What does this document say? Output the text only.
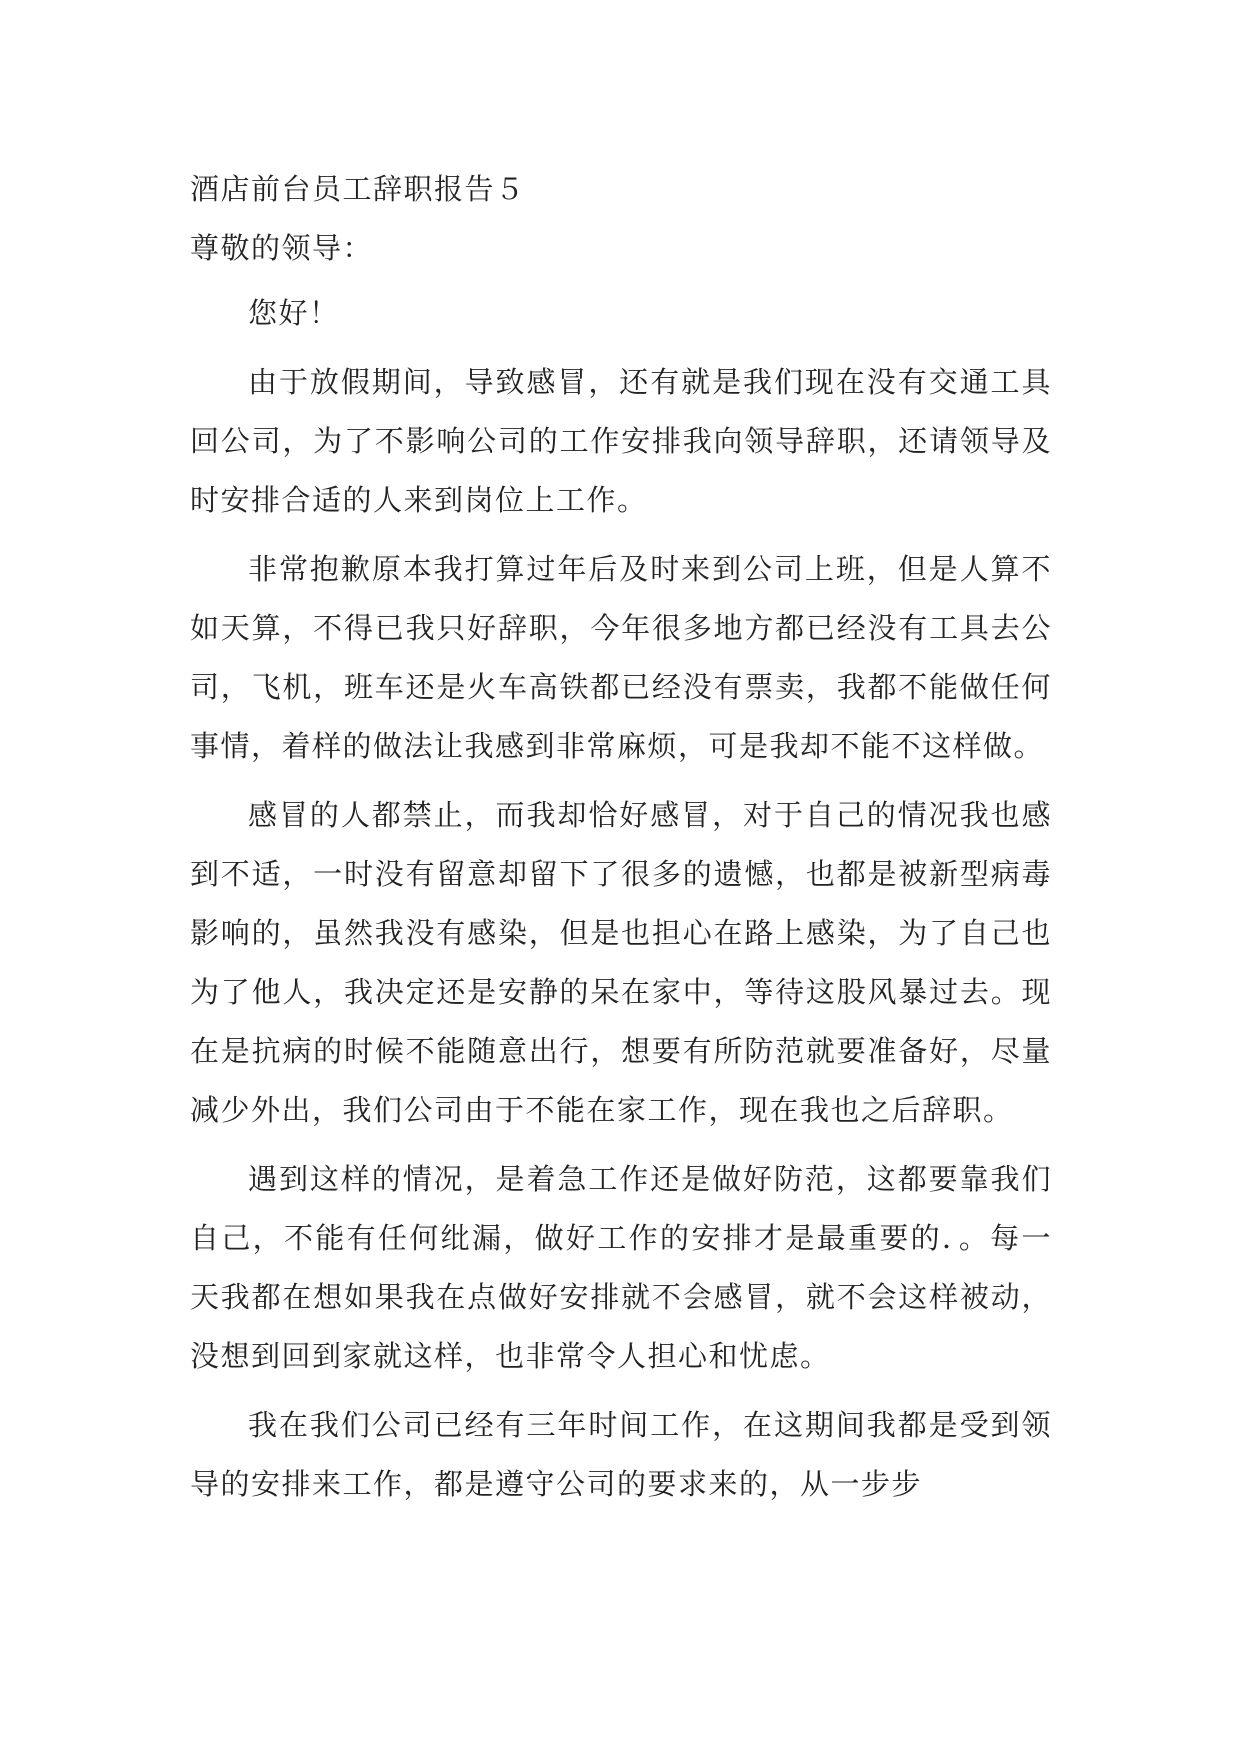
酒店前台员工辞职报告５

尊敬的领导：

您好！

由于放假期间，导致感冒，还有就是我们现在没有交通工具回公司，为了不影响公司的工作安排我向领导辞职，还请领导及时安排合适的人来到岗位上工作。

非常抱歉原本我打算过年后及时来到公司上班，但是人算不如天算，不得已我只好辞职，今年很多地方都已经没有工具去公司，飞机，班车还是火车高铁都已经没有票卖，我都不能做任何事情，着样的做法让我感到非常麻烦，可是我却不能不这样做。

感冒的人都禁止，而我却恰好感冒，对于自己的情况我也感到不适，一时没有留意却留下了很多的遗憾，也都是被新型病毒影响的，虽然我没有感染，但是也担心在路上感染，为了自己也为了他人，我决定还是安静的呆在家中，等待这股风暴过去。现在是抗病的时候不能随意出行，想要有所防范就要准备好，尽量减少外出，我们公司由于不能在家工作，现在我也之后辞职。

遇到这样的情况，是着急工作还是做好防范，这都要靠我们自己，不能有任何纰漏，做好工作的安排才是最重要的．。每一天我都在想如果我在点做好安排就不会感冒，就不会这样被动，没想到回到家就这样，也非常令人担心和忧虑。

我在我们公司已经有三年时间工作，在这期间我都是受到领导的安排来工作，都是遵守公司的要求来的，从一步步
